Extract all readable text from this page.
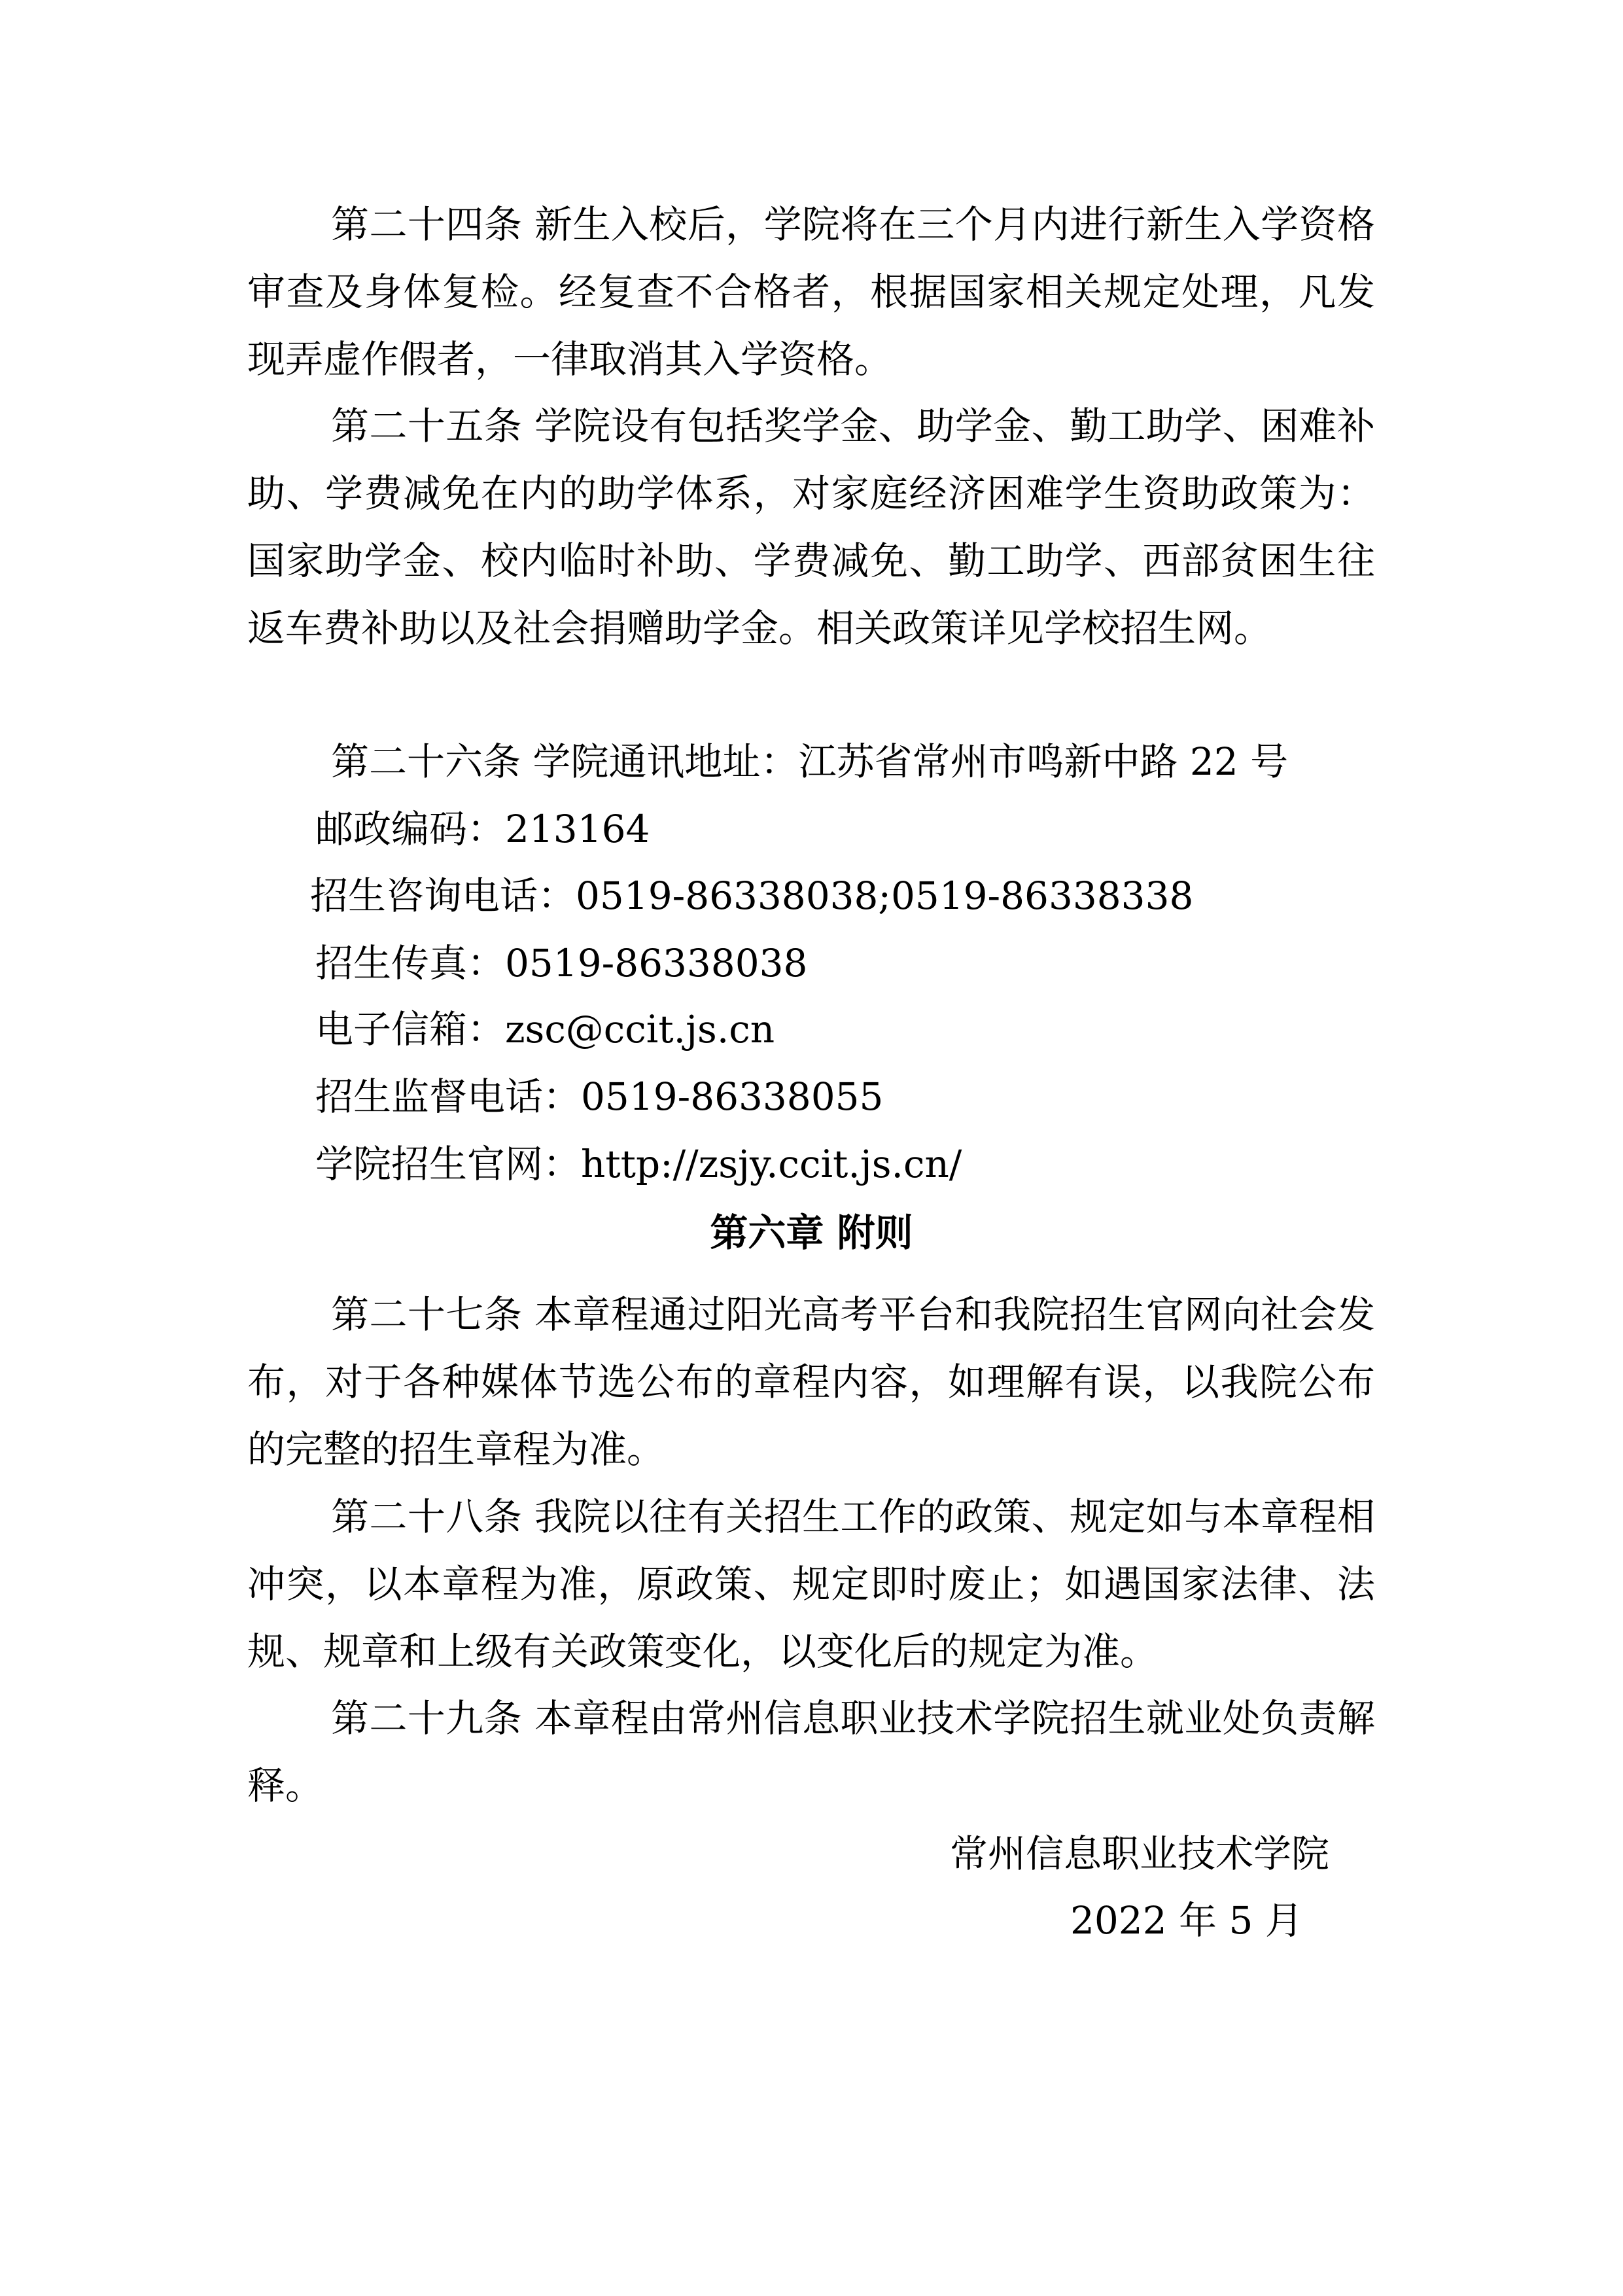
第二十四条 新生入校后，学院将在三个月内进行新生入学资格审查及身体复检。经复查不合格者，根据国家相关规定处理，凡发现弄虚作假者，一律取消其入学资格。

第二十五条 学院设有包括奖学金、助学金、勤工助学、困难补助、学费减免在内的助学体系，对家庭经济困难学生资助政策为：国家助学金、校内临时补助、学费减免、勤工助学、西部贫困生往返车费补助以及社会捐赠助学金。相关政策详见学校招生网。

第二十六条 学院通讯地址：江苏省常州市鸣新中路 22 号

邮政编码：213164

招生咨询电话：0519-86338038;0519-86338338

招生传真：0519-86338038

电子信箱：zsc@ccit.js.cn

招生监督电话：0519-86338055

学院招生官网：http://zsjy.ccit.js.cn/

第六章 附则

第二十七条 本章程通过阳光高考平台和我院招生官网向社会发布，对于各种媒体节选公布的章程内容，如理解有误，以我院公布的完整的招生章程为准。

第二十八条 我院以往有关招生工作的政策、规定如与本章程相冲突，以本章程为准，原政策、规定即时废止；如遇国家法律、法规、规章和上级有关政策变化，以变化后的规定为准。

第二十九条 本章程由常州信息职业技术学院招生就业处负责解释。

常州信息职业技术学院

2022 年 5 月
